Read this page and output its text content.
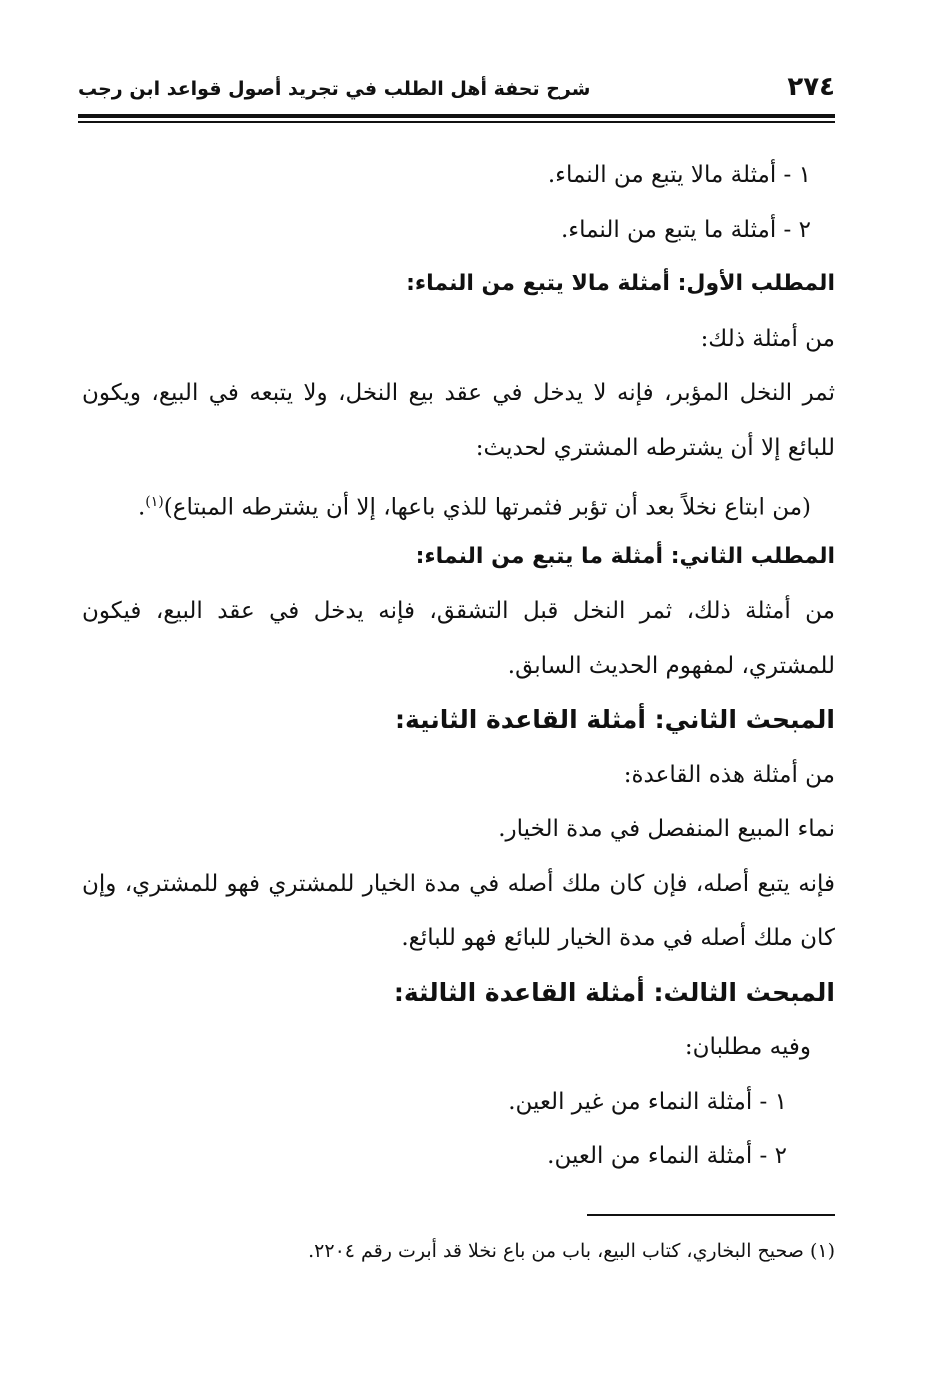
٢٧٤
شرح تحفة أهل الطلب في تجريد أصول قواعد ابن رجب
١ - أمثلة مالا يتبع من النماء.
٢ - أمثلة ما يتبع من النماء.
المطلب الأول: أمثلة مالا يتبع من النماء:
من أمثلة ذلك:
ثمر النخل المؤبر، فإنه لا يدخل في عقد بيع النخل، ولا يتبعه في البيع، ويكون
للبائع إلا أن يشترطه المشتري لحديث:
(من ابتاع نخلاً بعد أن تؤبر فثمرتها للذي باعها، إلا أن يشترطه المبتاع)$^{(١)}$.
المطلب الثاني: أمثلة ما يتبع من النماء:
من أمثلة ذلك، ثمر النخل قبل التشقق، فإنه يدخل في عقد البيع، فيكون
للمشتري، لمفهوم الحديث السابق.
المبحث الثاني: أمثلة القاعدة الثانية:
من أمثلة هذه القاعدة:
نماء المبيع المنفصل في مدة الخيار.
فإنه يتبع أصله، فإن كان ملك أصله في مدة الخيار للمشتري فهو للمشتري، وإن
كان ملك أصله في مدة الخيار للبائع فهو للبائع.
المبحث الثالث: أمثلة القاعدة الثالثة:
وفيه مطلبان:
١ - أمثلة النماء من غير العين.
٢ - أمثلة النماء من العين.
(١) صحيح البخاري، كتاب البيع، باب من باع نخلا قد أبرت رقم ٢٢٠٤.
